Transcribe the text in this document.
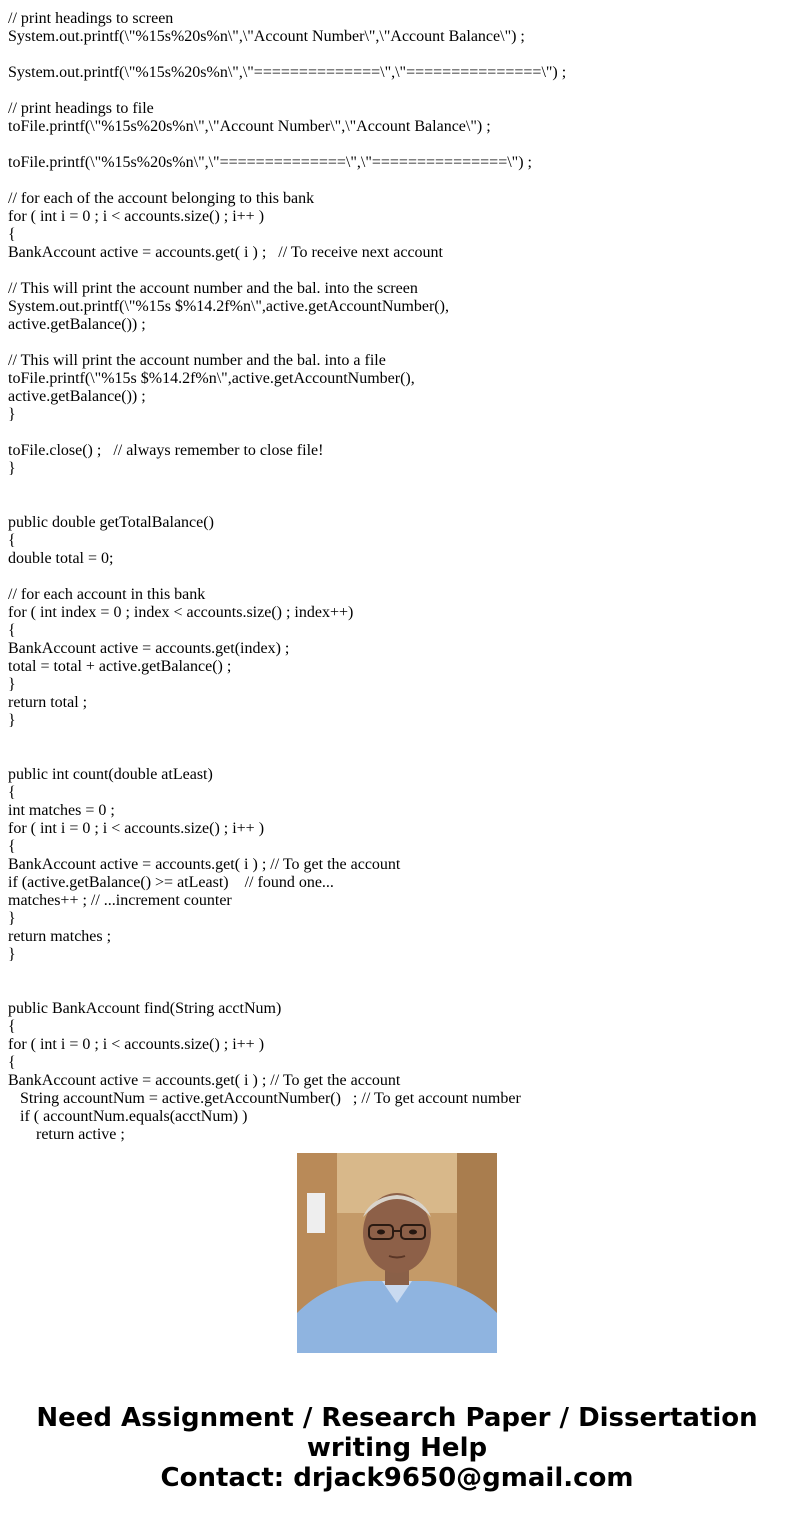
// print headings to screen
System.out.printf(\"%15s%20s%n\",\"Account Number\",\"Account Balance\") ;
System.out.printf(\"%15s%20s%n\",\"==============\",\"===============\") ;
// print headings to file
toFile.printf(\"%15s%20s%n\",\"Account Number\",\"Account Balance\") ;
toFile.printf(\"%15s%20s%n\",\"==============\",\"===============\") ;
// for each of the account belonging to this bank
for ( int i = 0 ; i < accounts.size() ; i++ )
{
BankAccount active = accounts.get( i ) ;   // To receive next account
// This will print the account number and the bal. into the screen
System.out.printf(\"%15s $%14.2f%n\",active.getAccountNumber(),
active.getBalance()) ;
// This will print the account number and the bal. into a file
toFile.printf(\"%15s $%14.2f%n\",active.getAccountNumber(),
active.getBalance()) ;
}
toFile.close() ;   // always remember to close file!
}
public double getTotalBalance()
{
double total = 0;
// for each account in this bank
for ( int index = 0 ; index < accounts.size() ; index++)
{
BankAccount active = accounts.get(index) ;
total = total + active.getBalance() ;
}
return total ;
}
public int count(double atLeast)
{
int matches = 0 ;
for ( int i = 0 ; i < accounts.size() ; i++ )
{
BankAccount active = accounts.get( i ) ; // To get the account
if (active.getBalance() >= atLeast)    // found one...
matches++ ; // ...increment counter
}
return matches ;
}
public BankAccount find(String acctNum)
{
for ( int i = 0 ; i < accounts.size() ; i++ )
{
BankAccount active = accounts.get( i ) ; // To get the account
String accountNum = active.getAccountNumber()   ; // To get account number
if ( accountNum.equals(acctNum) )
return active ;
Need Assignment / Research Paper / Dissertation
writing Help
Contact: drjack9650@gmail.com
